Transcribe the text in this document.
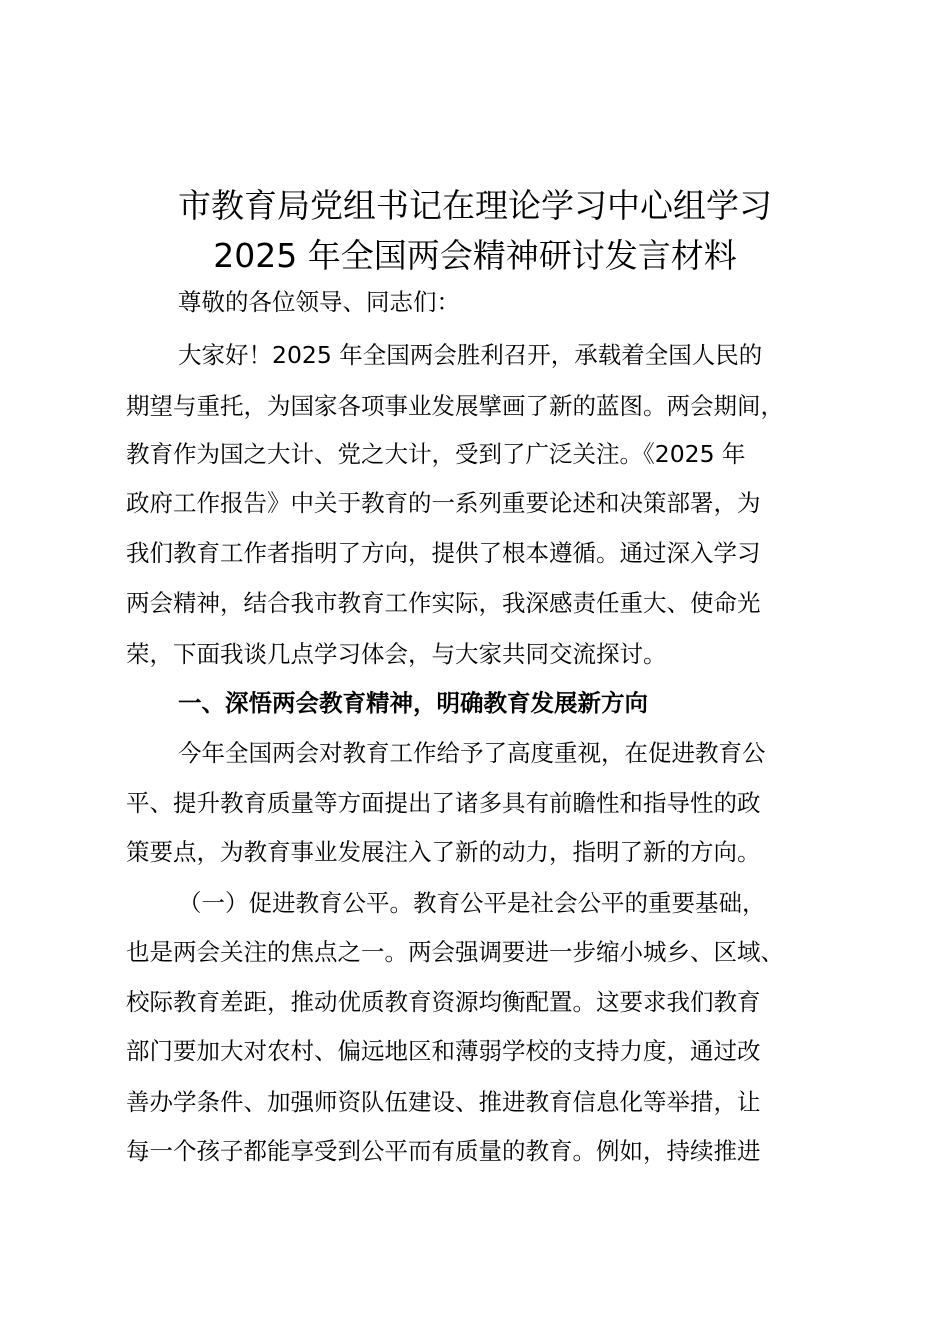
市教育局党组书记在理论学习中心组学习
2025 年全国两会精神研讨发言材料
尊敬的各位领导、同志们：
大家好！2025 年全国两会胜利召开，承载着全国人民的
期望与重托，为国家各项事业发展擘画了新的蓝图。两会期间，
教育作为国之大计、党之大计，受到了广泛关注。《2025 年
政府工作报告》中关于教育的一系列重要论述和决策部署，为
我们教育工作者指明了方向，提供了根本遵循。通过深入学习
两会精神，结合我市教育工作实际，我深感责任重大、使命光
荣，下面我谈几点学习体会，与大家共同交流探讨。
一、深悟两会教育精神，明确教育发展新方向
今年全国两会对教育工作给予了高度重视，在促进教育公
平、提升教育质量等方面提出了诸多具有前瞻性和指导性的政
策要点，为教育事业发展注入了新的动力，指明了新的方向。
（一）促进教育公平。教育公平是社会公平的重要基础，
也是两会关注的焦点之一。两会强调要进一步缩小城乡、区域、
校际教育差距，推动优质教育资源均衡配置。这要求我们教育
部门要加大对农村、偏远地区和薄弱学校的支持力度，通过改
善办学条件、加强师资队伍建设、推进教育信息化等举措，让
每一个孩子都能享受到公平而有质量的教育。例如，持续推进
